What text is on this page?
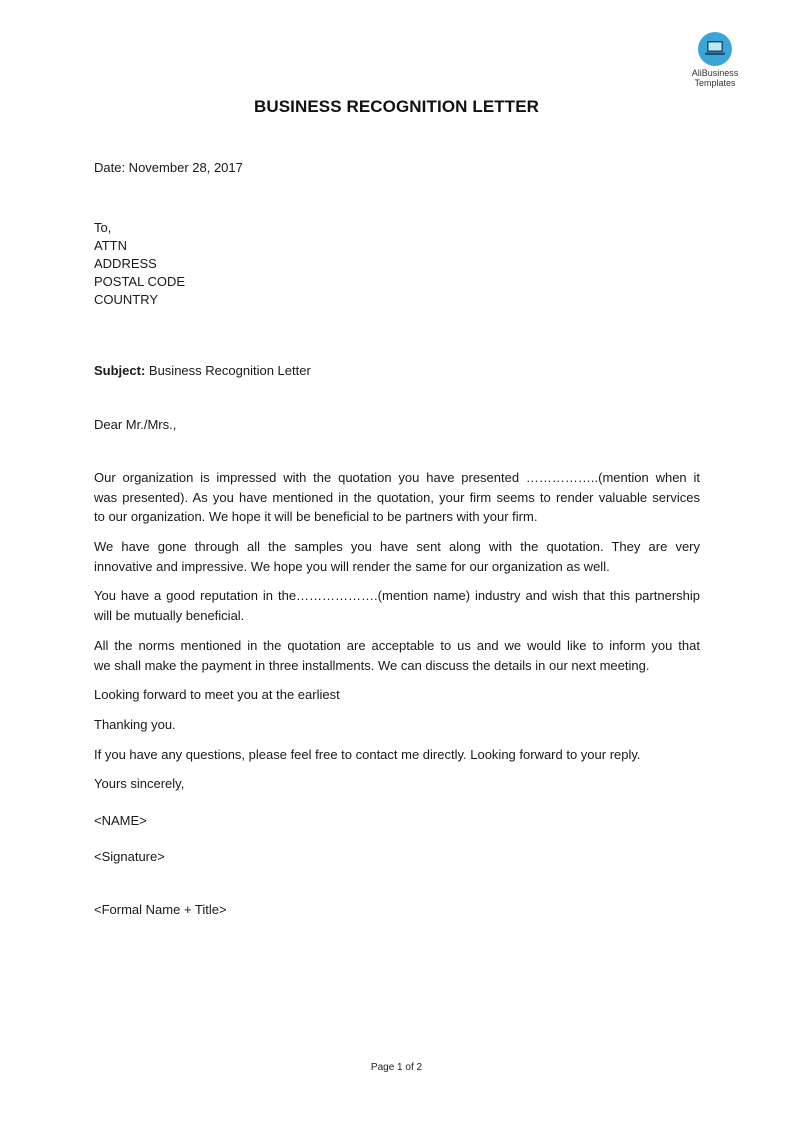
AliBusiness
Templates
BUSINESS RECOGNITION LETTER
Date: November 28, 2017
To,
ATTN
ADDRESS
POSTAL CODE
COUNTRY
Subject: Business Recognition Letter
Dear Mr./Mrs.,
Our organization is impressed with the quotation you have presented ……………..(mention when it
was presented). As you have mentioned in the quotation, your firm seems to render valuable services
to our organization. We hope it will be beneficial to be partners with your firm.
We have gone through all the samples you have sent along with the quotation. They are very
innovative and impressive. We hope you will render the same for our organization as well.
You have a good reputation in the……………….(mention name) industry and wish that this partnership
will be mutually beneficial.
All the norms mentioned in the quotation are acceptable to us and we would like to inform you that
we shall make the payment in three installments. We can discuss the details in our next meeting.
Looking forward to meet you at the earliest
Thanking you.
If you have any questions, please feel free to contact me directly. Looking forward to your reply.
Yours sincerely,
<NAME>
<Signature>
<Formal Name + Title>
Page 1 of 2
